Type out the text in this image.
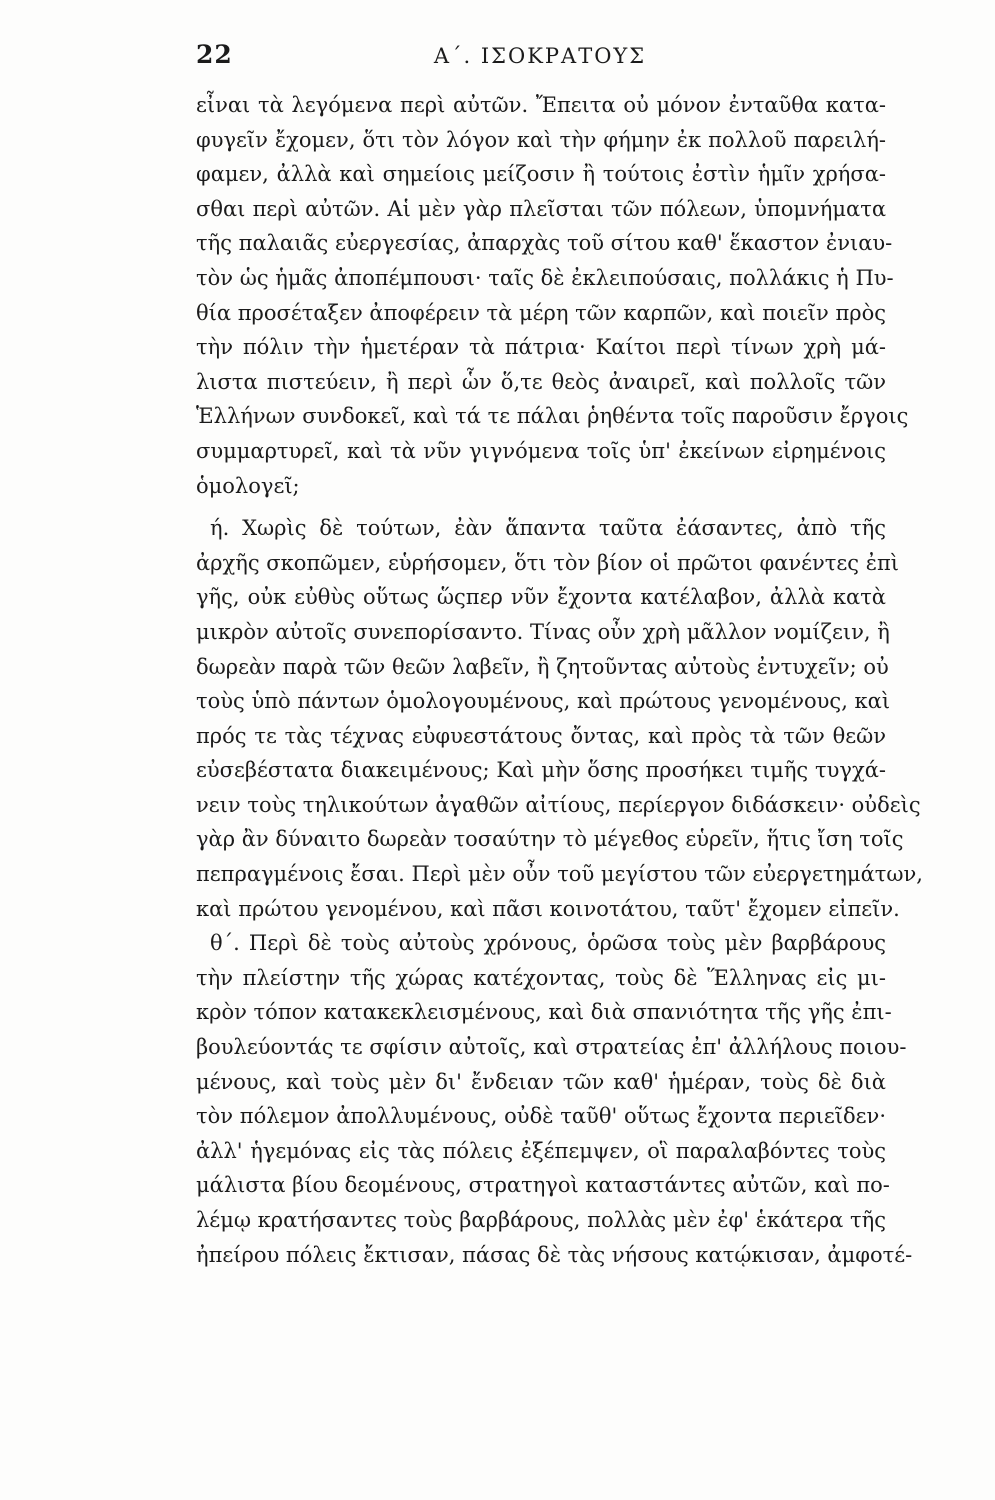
22	Α΄. ΙΣΟΚΡΑΤΟΥΣ
εἶναι τὰ λεγόμενα περὶ αὐτῶν. Ἔπειτα οὐ μόνον ἐνταῦθα κατα-
φυγεῖν ἔχομεν, ὅτι τὸν λόγον καὶ τὴν φήμην ἐκ πολλοῦ παρειλή-
φαμεν, ἀλλὰ καὶ σημείοις μείζοσιν ἢ τούτοις ἐστὶν ἡμῖν χρήσα-
σθαι περὶ αὐτῶν. Αἱ μὲν γὰρ πλεῖσται τῶν πόλεων, ὑπομνήματα
τῆς παλαιᾶς εὐεργεσίας, ἀπαρχὰς τοῦ σίτου καθ' ἕκαστον ἐνιαυ-
τὸν ὡς ἡμᾶς ἀποπέμπουσι· ταῖς δὲ ἐκλειπούσαις, πολλάκις ἡ Πυ-
θία προσέταξεν ἀποφέρειν τὰ μέρη τῶν καρπῶν, καὶ ποιεῖν πρὸς
τὴν πόλιν τὴν ἡμετέραν τὰ πάτρια· Καίτοι περὶ τίνων χρὴ μά-
λιστα πιστεύειν, ἢ περὶ ὧν ὅ,τε θεὸς ἀναιρεῖ, καὶ πολλοῖς τῶν
Ἑλλήνων συνδοκεῖ, καὶ τά τε πάλαι ῥηθέντα τοῖς παροῦσιν ἔργοις
συμμαρτυρεῖ, καὶ τὰ νῦν γιγνόμενα τοῖς ὑπ' ἐκείνων εἰρημένοις
ὁμολογεῖ;
ή. Χωρὶς δὲ τούτων, ἐὰν ἅπαντα ταῦτα ἐάσαντες, ἀπὸ τῆς
ἀρχῆς σκοπῶμεν, εὑρήσομεν, ὅτι τὸν βίον οἱ πρῶτοι φανέντες ἐπὶ
γῆς, οὐκ εὐθὺς οὕτως ὥςπερ νῦν ἔχοντα κατέλαβον, ἀλλὰ κατὰ
μικρὸν αὐτοῖς συνεπορίσαντο. Τίνας οὖν χρὴ μᾶλλον νομίζειν, ἢ
δωρεὰν παρὰ τῶν θεῶν λαβεῖν, ἢ ζητοῦντας αὐτοὺς ἐντυχεῖν; οὐ
τοὺς ὑπὸ πάντων ὁμολογουμένους, καὶ πρώτους γενομένους, καὶ
πρός τε τὰς τέχνας εὐφυεστάτους ὄντας, καὶ πρὸς τὰ τῶν θεῶν
εὐσεβέστατα διακειμένους; Καὶ μὴν ὅσης προσήκει τιμῆς τυγχά-
νειν τοὺς τηλικούτων ἀγαθῶν αἰτίους, περίεργον διδάσκειν· οὐδεὶς
γὰρ ἂν δύναιτο δωρεὰν τοσαύτην τὸ μέγεθος εὑρεῖν, ἥτις ἴση τοῖς
πεπραγμένοις ἔσαι. Περὶ μὲν οὖν τοῦ μεγίστου τῶν εὐεργετημάτων,
καὶ πρώτου γενομένου, καὶ πᾶσι κοινοτάτου, ταῦτ' ἔχομεν εἰπεῖν.
θ΄. Περὶ δὲ τοὺς αὐτοὺς χρόνους, ὁρῶσα τοὺς μὲν βαρβάρους
τὴν πλείστην τῆς χώρας κατέχοντας, τοὺς δὲ Ἕλληνας εἰς μι-
κρὸν τόπον κατακεκλεισμένους, καὶ διὰ σπανιότητα τῆς γῆς ἐπι-
βουλεύοντάς τε σφίσιν αὐτοῖς, καὶ στρατείας ἐπ' ἀλλήλους ποιου-
μένους, καὶ τοὺς μὲν δι' ἔνδειαν τῶν καθ' ἡμέραν, τοὺς δὲ διὰ
τὸν πόλεμον ἀπολλυμένους, οὐδὲ ταῦθ' οὕτως ἔχοντα περιεῖδεν·
ἀλλ' ἡγεμόνας εἰς τὰς πόλεις ἐξέπεμψεν, οἳ παραλαβόντες τοὺς
μάλιστα βίου δεομένους, στρατηγοὶ καταστάντες αὐτῶν, καὶ πο-
λέμῳ κρατήσαντες τοὺς βαρβάρους, πολλὰς μὲν ἐφ' ἑκάτερα τῆς
ἠπείρου πόλεις ἔκτισαν, πάσας δὲ τὰς νήσους κατῴκισαν, ἀμφοτέ-
